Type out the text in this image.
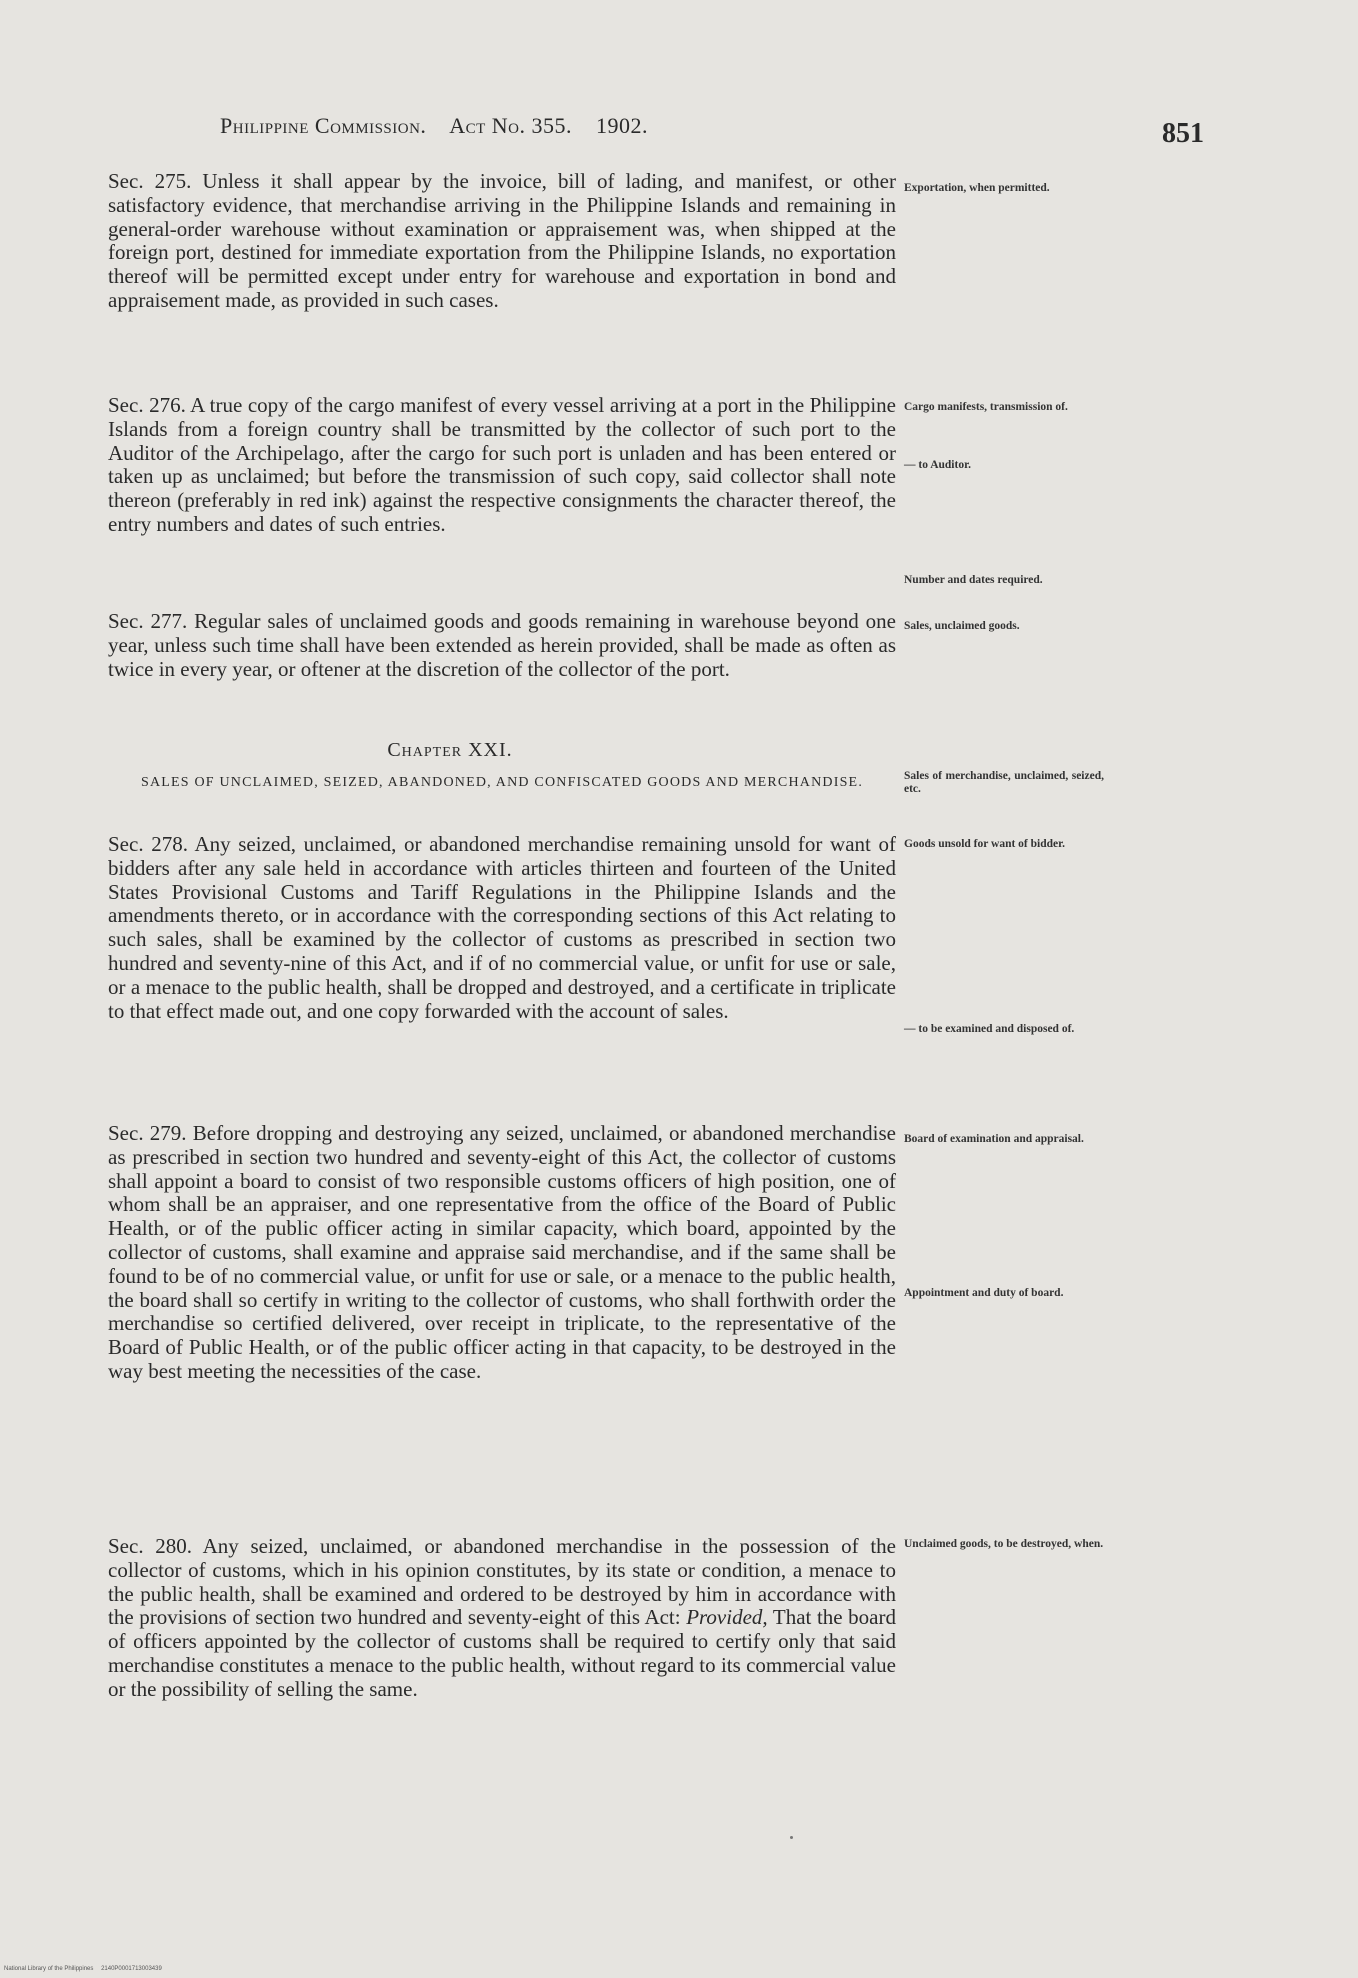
Philippine Commission. Act No. 355. 1902.	851

Sec. 275. Unless it shall appear by the invoice, bill of lading, and manifest, or other satisfactory evidence, that merchandise arriving in the Philippine Islands and remaining in general-order warehouse without examination or appraisement was, when shipped at the foreign port, destined for immediate exportation from the Philippine Islands, no exportation thereof will be permitted except under entry for warehouse and exportation in bond and appraisement made, as provided in such cases.

Exportation, when permitted.

Sec. 276. A true copy of the cargo manifest of every vessel arriving at a port in the Philippine Islands from a foreign country shall be transmitted by the collector of such port to the Auditor of the Archipelago, after the cargo for such port is unladen and has been entered or taken up as unclaimed; but before the transmission of such copy, said collector shall note thereon (preferably in red ink) against the respective consignments the character thereof, the entry numbers and dates of such entries.

Cargo manifests, transmission of.
— to Auditor.
Number and dates required.

Sec. 277. Regular sales of unclaimed goods and goods remaining in warehouse beyond one year, unless such time shall have been extended as herein provided, shall be made as often as twice in every year, or oftener at the discretion of the collector of the port.

Sales, unclaimed goods.
Chapter XXI.
SALES OF UNCLAIMED, SEIZED, ABANDONED, AND CONFISCATED GOODS AND MERCHANDISE.	Sales of merchandise, unclaimed, seized, etc.

Sec. 278. Any seized, unclaimed, or abandoned merchandise remaining unsold for want of bidders after any sale held in accordance with articles thirteen and fourteen of the United States Provisional Customs and Tariff Regulations in the Philippine Islands and the amendments thereto, or in accordance with the corresponding sections of this Act relating to such sales, shall be examined by the collector of customs as prescribed in section two hundred and seventy-nine of this Act, and if of no commercial value, or unfit for use or sale, or a menace to the public health, shall be dropped and destroyed, and a certificate in triplicate to that effect made out, and one copy forwarded with the account of sales.

Goods unsold for want of bidder.
— to be examined and disposed of.

Sec. 279. Before dropping and destroying any seized, unclaimed, or abandoned merchandise as prescribed in section two hundred and seventy-eight of this Act, the collector of customs shall appoint a board to consist of two responsible customs officers of high position, one of whom shall be an appraiser, and one representative from the office of the Board of Public Health, or of the public officer acting in similar capacity, which board, appointed by the collector of customs, shall examine and appraise said merchandise, and if the same shall be found to be of no commercial value, or unfit for use or sale, or a menace to the public health, the board shall so certify in writing to the collector of customs, who shall forthwith order the merchandise so certified delivered, over receipt in triplicate, to the representative of the Board of Public Health, or of the public officer acting in that capacity, to be destroyed in the way best meeting the necessities of the case.

Board of examination and appraisal.
Appointment and duty of board.

Sec. 280. Any seized, unclaimed, or abandoned merchandise in the possession of the collector of customs, which in his opinion constitutes, by its state or condition, a menace to the public health, shall be examined and ordered to be destroyed by him in accordance with the provisions of section two hundred and seventy-eight of this Act: Provided, That the board of officers appointed by the collector of customs shall be required to certify only that said merchandise constitutes a menace to the public health, without regard to its commercial value or the possibility of selling the same.

Unclaimed goods, to be destroyed, when.
National Library of the Philippines 2140P0001713003439
